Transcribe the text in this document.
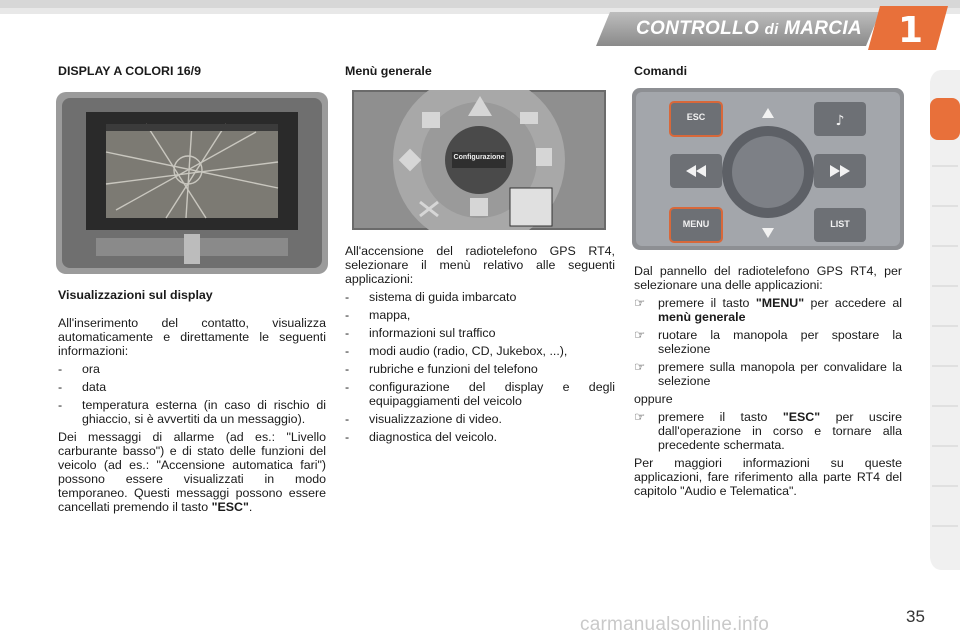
CONTROLLO di MARCIA 1
DISPLAY A COLORI 16/9
Visualizzazioni sul display

All'inserimento del contatto, visualizza automaticamente e direttamente le seguenti informazioni:

- ora
- data
- temperatura esterna (in caso di rischio di ghiaccio, si è avvertiti da un messaggio).

Dei messaggi di allarme (ad es.: "Livello carburante basso") e di stato delle funzioni del veicolo (ad es.: "Accensione automatica fari") possono essere visualizzati in modo temporaneo. Questi messaggi possono essere cancellati premendo il tasto "ESC".

Menù generale
Configurazione

All'accensione del radiotelefono GPS RT4, selezionare il menù relativo alle seguenti applicazioni:

- sistema di guida imbarcato
- mappa,
- informazioni sul traffico
- modi audio (radio, CD, Jukebox, ...),
- rubriche e funzioni del telefono
- configurazione del display e degli equipaggiamenti del veicolo
- visualizzazione di video.
- diagnostica del veicolo.
Comandi
♪
ESC
MENU	LIST

Dal pannello del radiotelefono GPS RT4, per selezionare una delle applicazioni:

☞ premere il tasto "MENU" per accedere al menù generale
☞ ruotare la manopola per spostare la selezione
☞ premere sulla manopola per convalidare la selezione

oppure

☞ premere il tasto "ESC" per uscire dall'operazione in corso e tornare alla precedente schermata.

Per maggiori informazioni su queste applicazioni, fare riferimento alla parte RT4 del capitolo "Audio e Telematica".

carmanualsonline.info	35
